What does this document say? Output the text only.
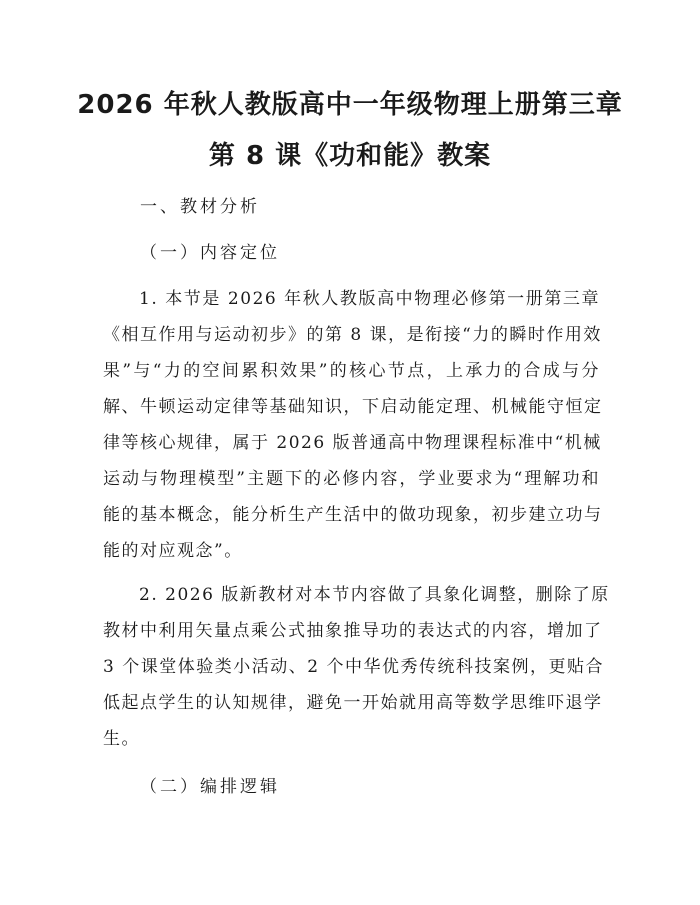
2026 年秋人教版高中一年级物理上册第三章
第 8 课《功和能》教案

一、教材分析

（一）内容定位

1. 本节是 2026 年秋人教版高中物理必修第一册第三章
《相互作用与运动初步》的第 8 课，是衔接“力的瞬时作用效
果”与“力的空间累积效果”的核心节点，上承力的合成与分
解、牛顿运动定律等基础知识，下启动能定理、机械能守恒定
律等核心规律，属于 2026 版普通高中物理课程标准中“机械
运动与物理模型”主题下的必修内容，学业要求为“理解功和
能的基本概念，能分析生产生活中的做功现象，初步建立功与
能的对应观念”。
2. 2026 版新教材对本节内容做了具象化调整，删除了原
教材中利用矢量点乘公式抽象推导功的表达式的内容，增加了
3 个课堂体验类小活动、2 个中华优秀传统科技案例，更贴合
低起点学生的认知规律，避免一开始就用高等数学思维吓退学
生。

（二）编排逻辑
